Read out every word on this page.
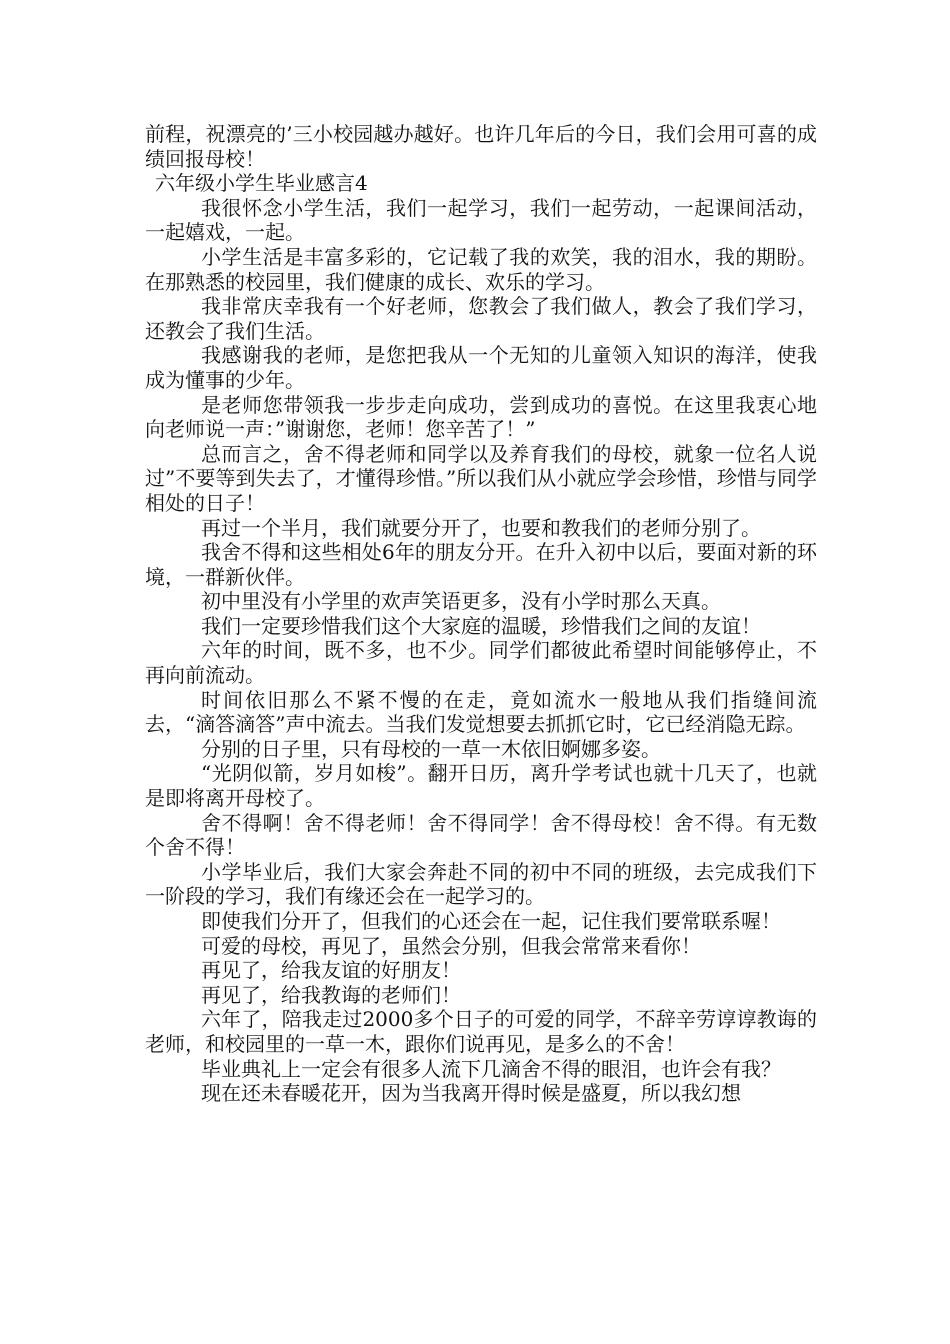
前程，祝漂亮的’三小校园越办越好。也许几年后的今日，我们会用可喜的成绩回报母校！

六年级小学生毕业感言4

我很怀念小学生活，我们一起学习，我们一起劳动，一起课间活动，一起嬉戏，一起。

小学生活是丰富多彩的，它记载了我的欢笑，我的泪水，我的期盼。在那熟悉的校园里，我们健康的成长、欢乐的学习。

我非常庆幸我有一个好老师，您教会了我们做人，教会了我们学习，还教会了我们生活。

我感谢我的老师，是您把我从一个无知的儿童领入知识的海洋，使我成为懂事的少年。

是老师您带领我一步步走向成功，尝到成功的喜悦。在这里我衷心地向老师说一声：”谢谢您，老师！您辛苦了！”

总而言之，舍不得老师和同学以及养育我们的母校，就象一位名人说过”不要等到失去了，才懂得珍惜。”所以我们从小就应学会珍惜，珍惜与同学相处的日子！

再过一个半月，我们就要分开了，也要和教我们的老师分别了。

我舍不得和这些相处6年的朋友分开。在升入初中以后，要面对新的环境，一群新伙伴。

初中里没有小学里的欢声笑语更多，没有小学时那么天真。

我们一定要珍惜我们这个大家庭的温暖，珍惜我们之间的友谊！

六年的时间，既不多，也不少。同学们都彼此希望时间能够停止，不再向前流动。

时间依旧那么不紧不慢的在走，竟如流水一般地从我们指缝间流去，“滴答滴答”声中流去。当我们发觉想要去抓抓它时，它已经消隐无踪。

分别的日子里，只有母校的一草一木依旧婀娜多姿。

“光阴似箭，岁月如梭”。翻开日历，离升学考试也就十几天了，也就是即将离开母校了。

舍不得啊！舍不得老师！舍不得同学！舍不得母校！舍不得。有无数个舍不得！

小学毕业后，我们大家会奔赴不同的初中不同的班级，去完成我们下一阶段的学习，我们有缘还会在一起学习的。

即使我们分开了，但我们的心还会在一起，记住我们要常联系喔！

可爱的母校，再见了，虽然会分别，但我会常常来看你！

再见了，给我友谊的好朋友！

再见了，给我教诲的老师们！

六年了，陪我走过2000多个日子的可爱的同学，不辞辛劳谆谆教诲的老师，和校园里的一草一木，跟你们说再见，是多么的不舍！

毕业典礼上一定会有很多人流下几滴舍不得的眼泪，也许会有我？

现在还未春暖花开，因为当我离开得时候是盛夏，所以我幻想
